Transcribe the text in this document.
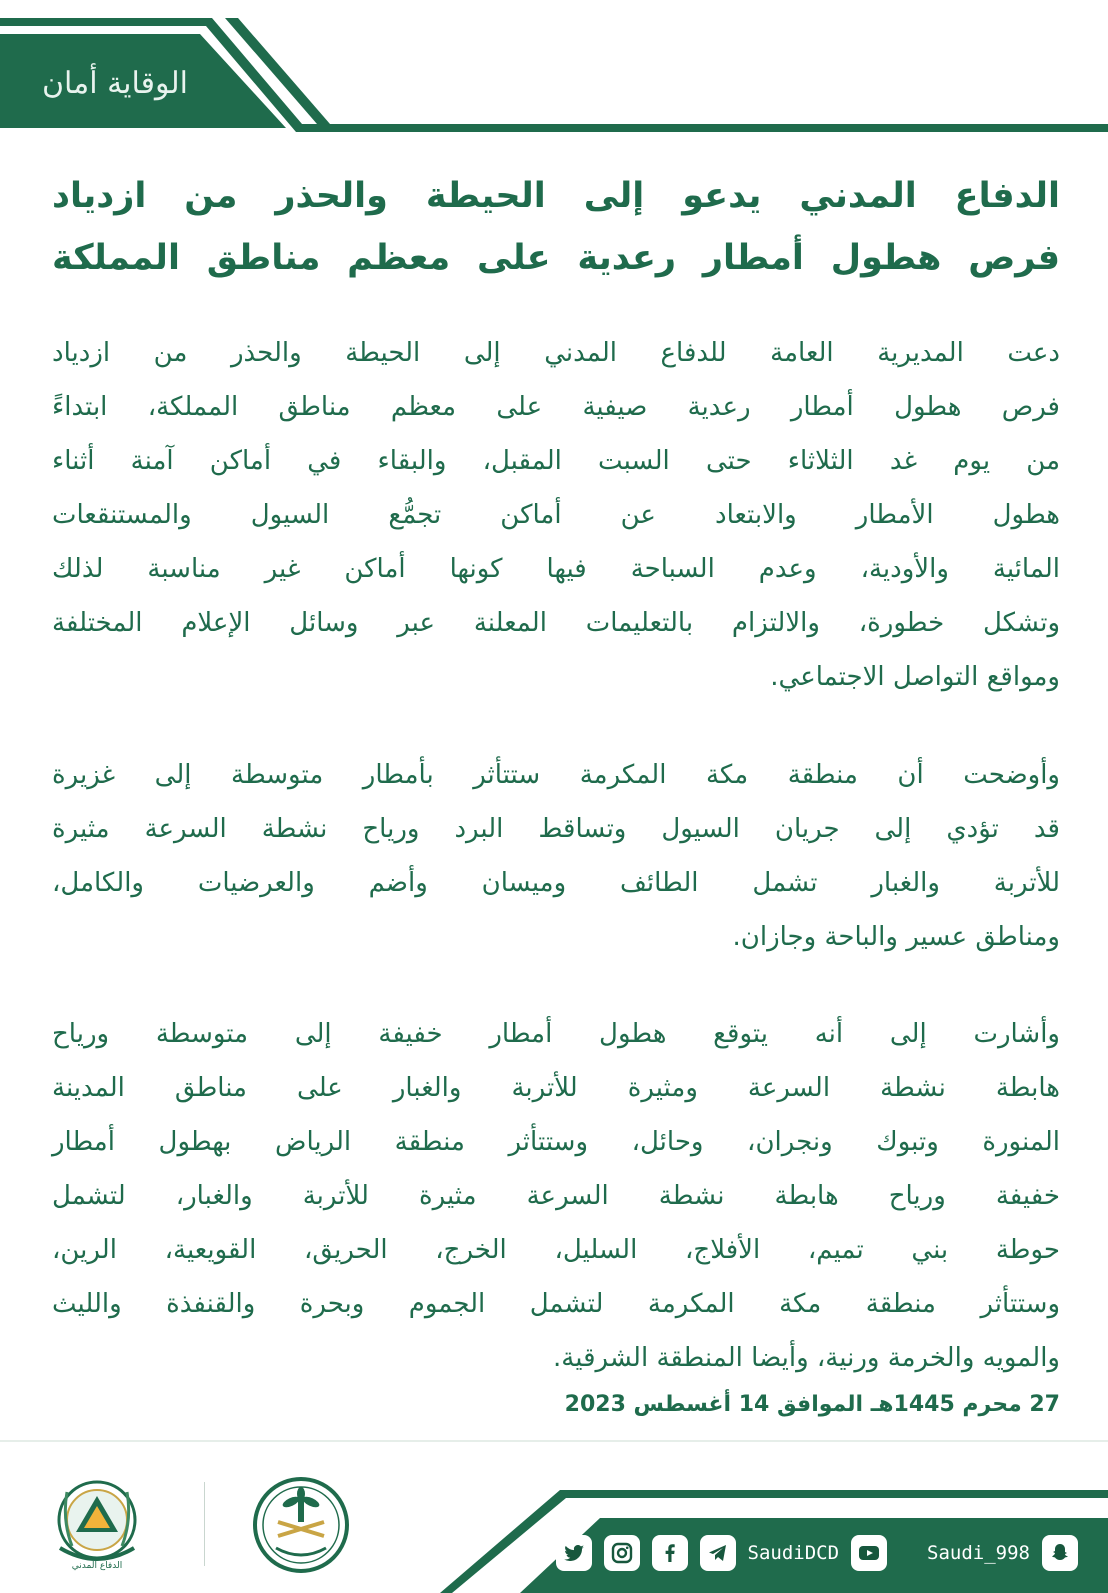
الوقاية أمان
الدفاع المدني يدعو إلى الحيطة والحذر من ازدياد
فرص هطول أمطار رعدية على معظم مناطق المملكة
دعت المديرية العامة للدفاع المدني إلى الحيطة والحذر من ازدياد
فرص هطول أمطار رعدية صيفية على معظم مناطق المملكة، ابتداءً
من يوم غد الثلاثاء حتى السبت المقبل، والبقاء في أماكن آمنة أثناء
هطول الأمطار والابتعاد عن أماكن تجمُّع السيول والمستنقعات
المائية والأودية، وعدم السباحة فيها كونها أماكن غير مناسبة لذلك
وتشكل خطورة، والالتزام بالتعليمات المعلنة عبر وسائل الإعلام المختلفة
ومواقع التواصل الاجتماعي.
وأوضحت أن منطقة مكة المكرمة ستتأثر بأمطار متوسطة إلى غزيرة
قد تؤدي إلى جريان السيول وتساقط البرد ورياح نشطة السرعة مثيرة
للأتربة والغبار تشمل الطائف وميسان وأضم والعرضيات والكامل،
ومناطق عسير والباحة وجازان.
وأشارت إلى أنه يتوقع هطول أمطار خفيفة إلى متوسطة ورياح
هابطة نشطة السرعة ومثيرة للأتربة والغبار على مناطق المدينة
المنورة وتبوك ونجران، وحائل، وستتأثر منطقة الرياض بهطول أمطار
خفيفة ورياح هابطة نشطة السرعة مثيرة للأتربة والغبار، لتشمل
حوطة بني تميم، الأفلاج، السليل، الخرج، الحريق، القويعية، الرين،
وستتأثر منطقة مكة المكرمة لتشمل الجموم وبحرة والقنفذة والليث
والمويه والخرمة ورنية، وأيضا المنطقة الشرقية.
27 محرم 1445هـ الموافق 14 أغسطس 2023
الدفاع المدني
Saudi_998
SaudiDCD
